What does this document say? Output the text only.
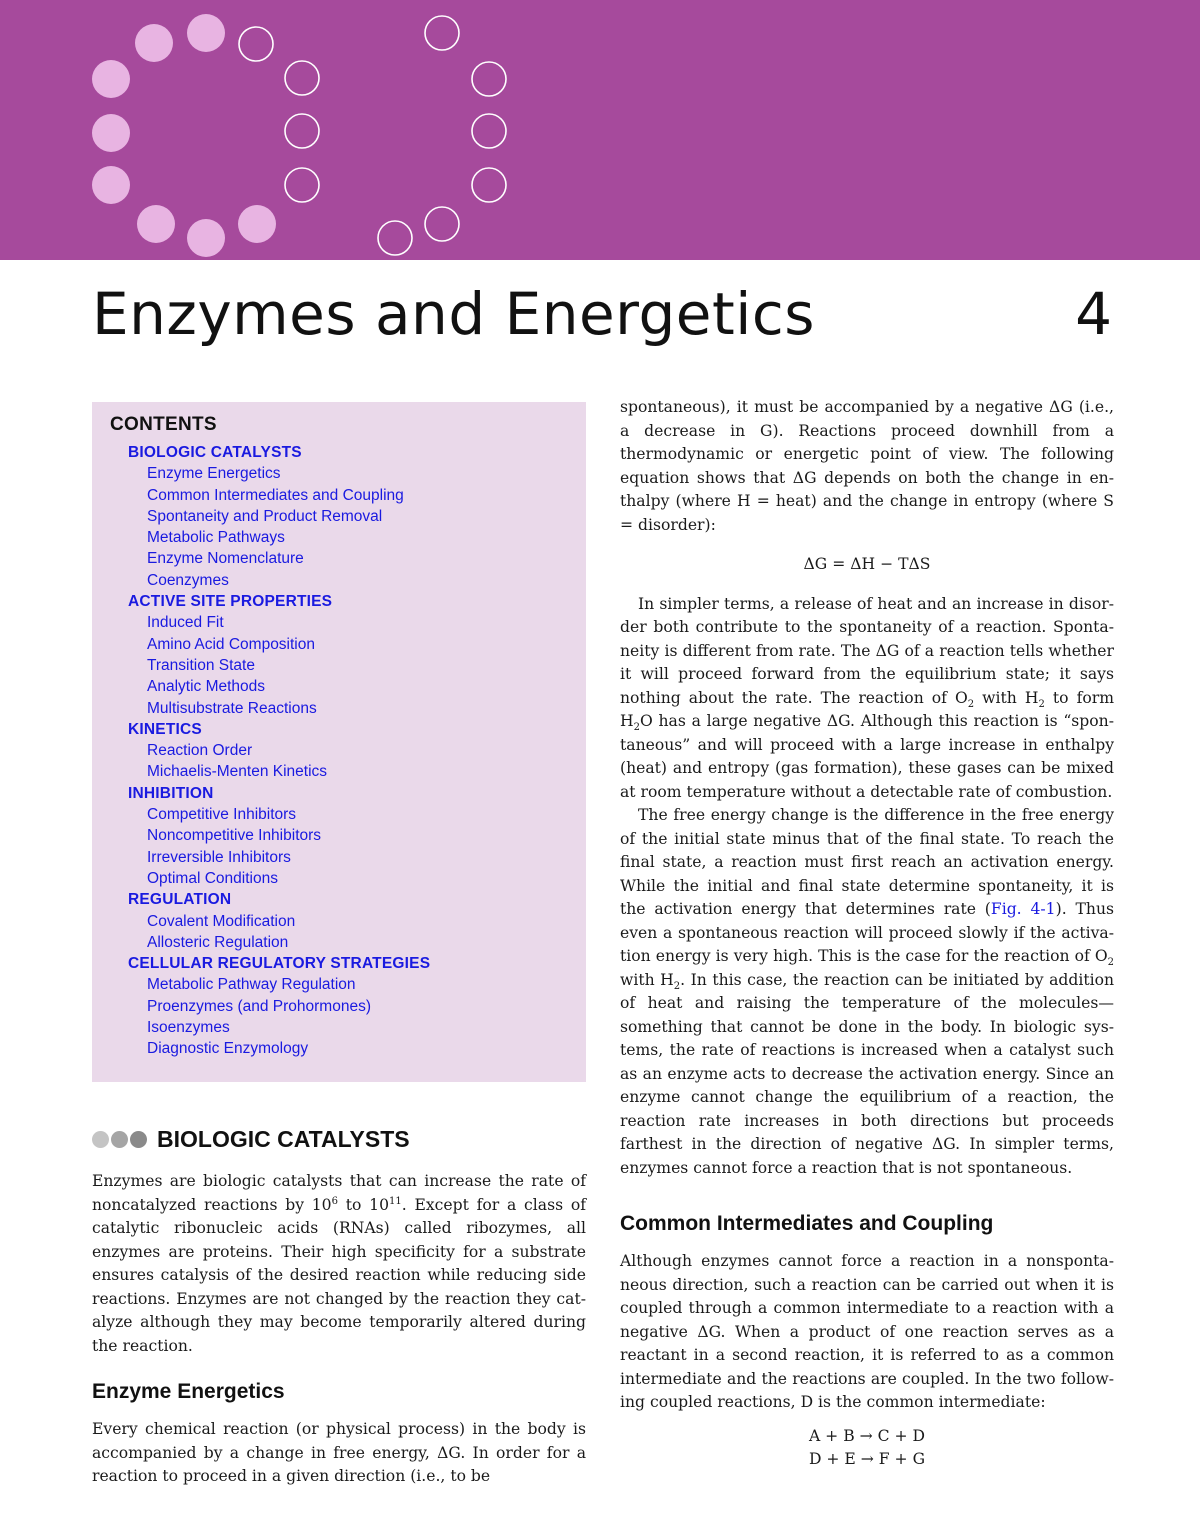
Enzymes and Energetics	4
CONTENTS
BIOLOGIC CATALYSTS
Enzyme Energetics
Common Intermediates and Coupling
Spontaneity and Product Removal
Metabolic Pathways
Enzyme Nomenclature
Coenzymes
ACTIVE SITE PROPERTIES
Induced Fit
Amino Acid Composition
Transition State
Analytic Methods
Multisubstrate Reactions
KINETICS
Reaction Order
Michaelis-Menten Kinetics
INHIBITION
Competitive Inhibitors
Noncompetitive Inhibitors
Irreversible Inhibitors
Optimal Conditions
REGULATION
Covalent Modification
Allosteric Regulation
CELLULAR REGULATORY STRATEGIES
Metabolic Pathway Regulation
Proenzymes (and Prohormones)
Isoenzymes
Diagnostic Enzymology
BIOLOGIC CATALYSTS

Enzymes are biologic catalysts that can increase the rate of noncatalyzed reactions by $10^6$ to $10^{11}$. Except for a class of catalytic ribonucleic acids (RNAs) called ribozymes, all enzymes are proteins. Their high specificity for a substrate ensures catalysis of the desired reaction while reducing side reactions. Enzymes are not changed by the reaction they catalyze although they may become temporarily altered during the reaction.

Enzyme Energetics

Every chemical reaction (or physical process) in the body is accompanied by a change in free energy, ΔG. In order for a reaction to proceed in a given direction (i.e., to be

spontaneous), it must be accompanied by a negative ΔG (i.e., a decrease in G). Reactions proceed downhill from a thermodynamic or energetic point of view. The following equation shows that ΔG depends on both the change in enthalpy (where H = heat) and the change in entropy (where S = disorder):

ΔG = ΔH − TΔS

In simpler terms, a release of heat and an increase in disorder both contribute to the spontaneity of a reaction. Spontaneity is different from rate. The ΔG of a reaction tells whether it will proceed forward from the equilibrium state; it says nothing about the rate. The reaction of $O_2$ with $H_2$ to form $H_2O$ has a large negative ΔG. Although this reaction is “spontaneous” and will proceed with a large increase in enthalpy (heat) and entropy (gas formation), these gases can be mixed at room temperature without a detectable rate of combustion.

The free energy change is the difference in the free energy of the initial state minus that of the final state. To reach the final state, a reaction must first reach an activation energy. While the initial and final state determine spontaneity, it is the activation energy that determines rate (Fig. 4-1). Thus even a spontaneous reaction will proceed slowly if the activation energy is very high. This is the case for the reaction of $O_2$ with $H_2$. In this case, the reaction can be initiated by addition of heat and raising the temperature of the molecules—something that cannot be done in the body. In biologic systems, the rate of reactions is increased when a catalyst such as an enzyme acts to decrease the activation energy. Since an enzyme cannot change the equilibrium of a reaction, the reaction rate increases in both directions but proceeds farthest in the direction of negative ΔG. In simpler terms, enzymes cannot force a reaction that is not spontaneous.

Common Intermediates and Coupling

Although enzymes cannot force a reaction in a nonspontaneous direction, such a reaction can be carried out when it is coupled through a common intermediate to a reaction with a negative ΔG. When a product of one reaction serves as a reactant in a second reaction, it is referred to as a common intermediate and the reactions are coupled. In the two following coupled reactions, D is the common intermediate:

A + B → C + D

D + E → F + G
